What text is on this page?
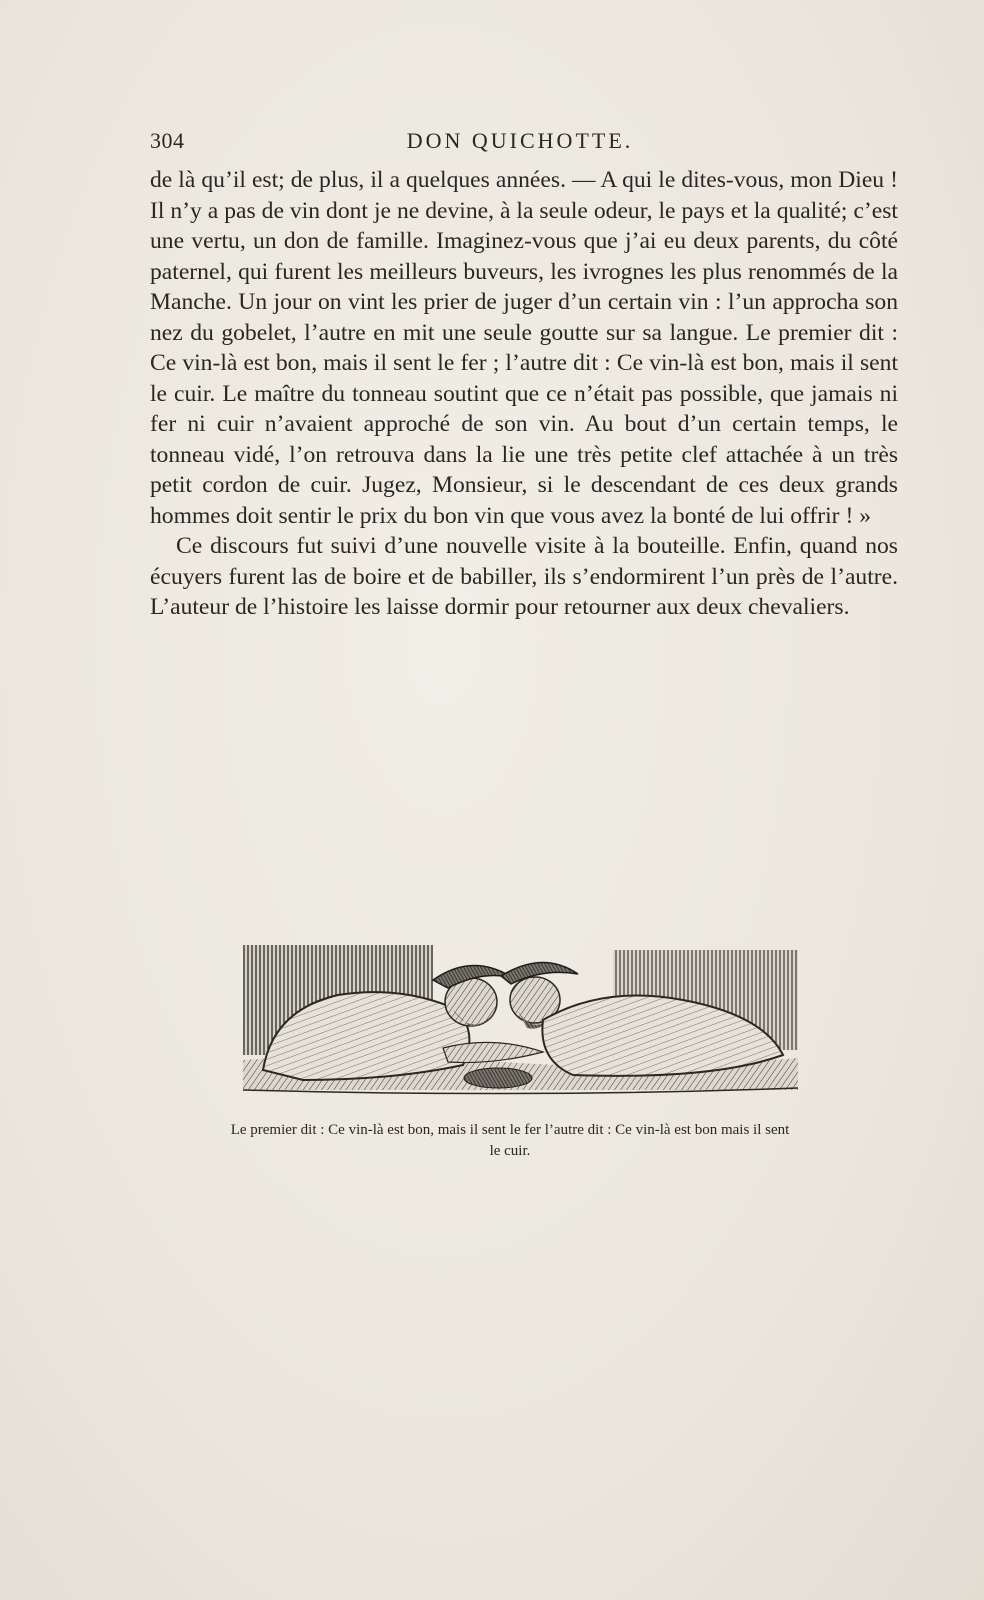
304	DON QUICHOTTE.

de là qu’il est; de plus, il a quelques années. — A qui le dites-vous, mon Dieu ! Il n’y a pas de vin dont je ne devine, à la seule odeur, le pays et la qualité; c’est une vertu, un don de famille. Imaginez-vous que j’ai eu deux parents, du côté paternel, qui furent les meilleurs buveurs, les ivrognes les plus renommés de la Manche. Un jour on vint les prier de juger d’un certain vin : l’un approcha son nez du gobelet, l’autre en mit une seule goutte sur sa langue. Le premier dit : Ce vin-là est bon, mais il sent le fer ; l’autre dit : Ce vin-là est bon, mais il sent le cuir. Le maître du tonneau soutint que ce n’était pas possible, que jamais ni fer ni cuir n’avaient approché de son vin. Au bout d’un certain temps, le tonneau vidé, l’on retrouva dans la lie une très petite clef attachée à un très petit cordon de cuir. Jugez, Monsieur, si le descendant de ces deux grands hommes doit sentir le prix du bon vin que vous avez la bonté de lui offrir ! »

Ce discours fut suivi d’une nouvelle visite à la bouteille. Enfin, quand nos écuyers furent las de boire et de babiller, ils s’endormirent l’un près de l’autre. L’auteur de l’histoire les laisse dormir pour retourner aux deux chevaliers.

Le premier dit : Ce vin-là est bon, mais il sent le fer l’autre dit : Ce vin-là est bon mais il sent le cuir.
